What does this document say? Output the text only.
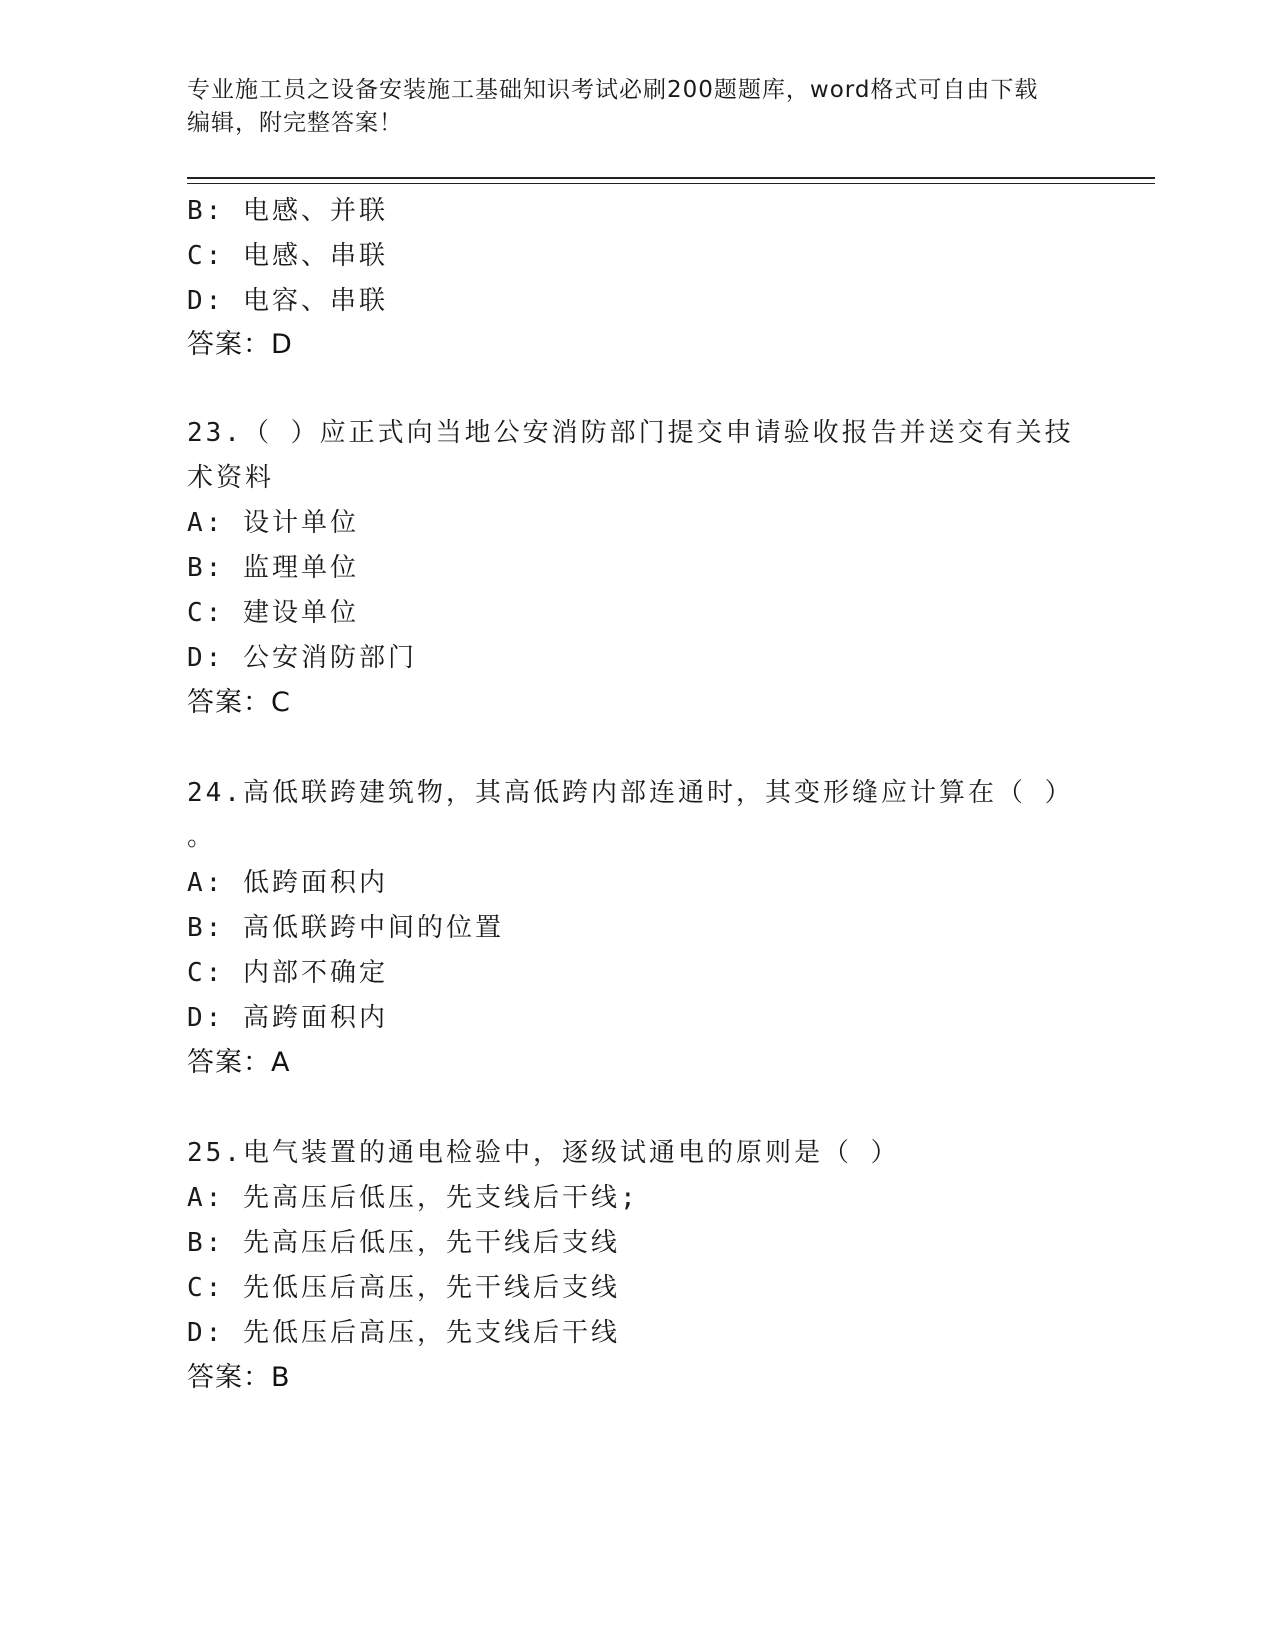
专业施工员之设备安装施工基础知识考试必刷200题题库，word格式可自由下载
编辑，附完整答案！
B: 电感、并联
C: 电感、串联
D: 电容、串联
答案：D
23.（ ）应正式向当地公安消防部门提交申请验收报告并送交有关技
术资料
A: 设计单位
B: 监理单位
C: 建设单位
D: 公安消防部门
答案：C
24.高低联跨建筑物，其高低跨内部连通时，其变形缝应计算在（ ）
。
A: 低跨面积内
B: 高低联跨中间的位置
C: 内部不确定
D: 高跨面积内
答案：A
25.电气装置的通电检验中，逐级试通电的原则是（ ）
A: 先高压后低压，先支线后干线;
B: 先高压后低压，先干线后支线
C: 先低压后高压，先干线后支线
D: 先低压后高压，先支线后干线
答案：B
